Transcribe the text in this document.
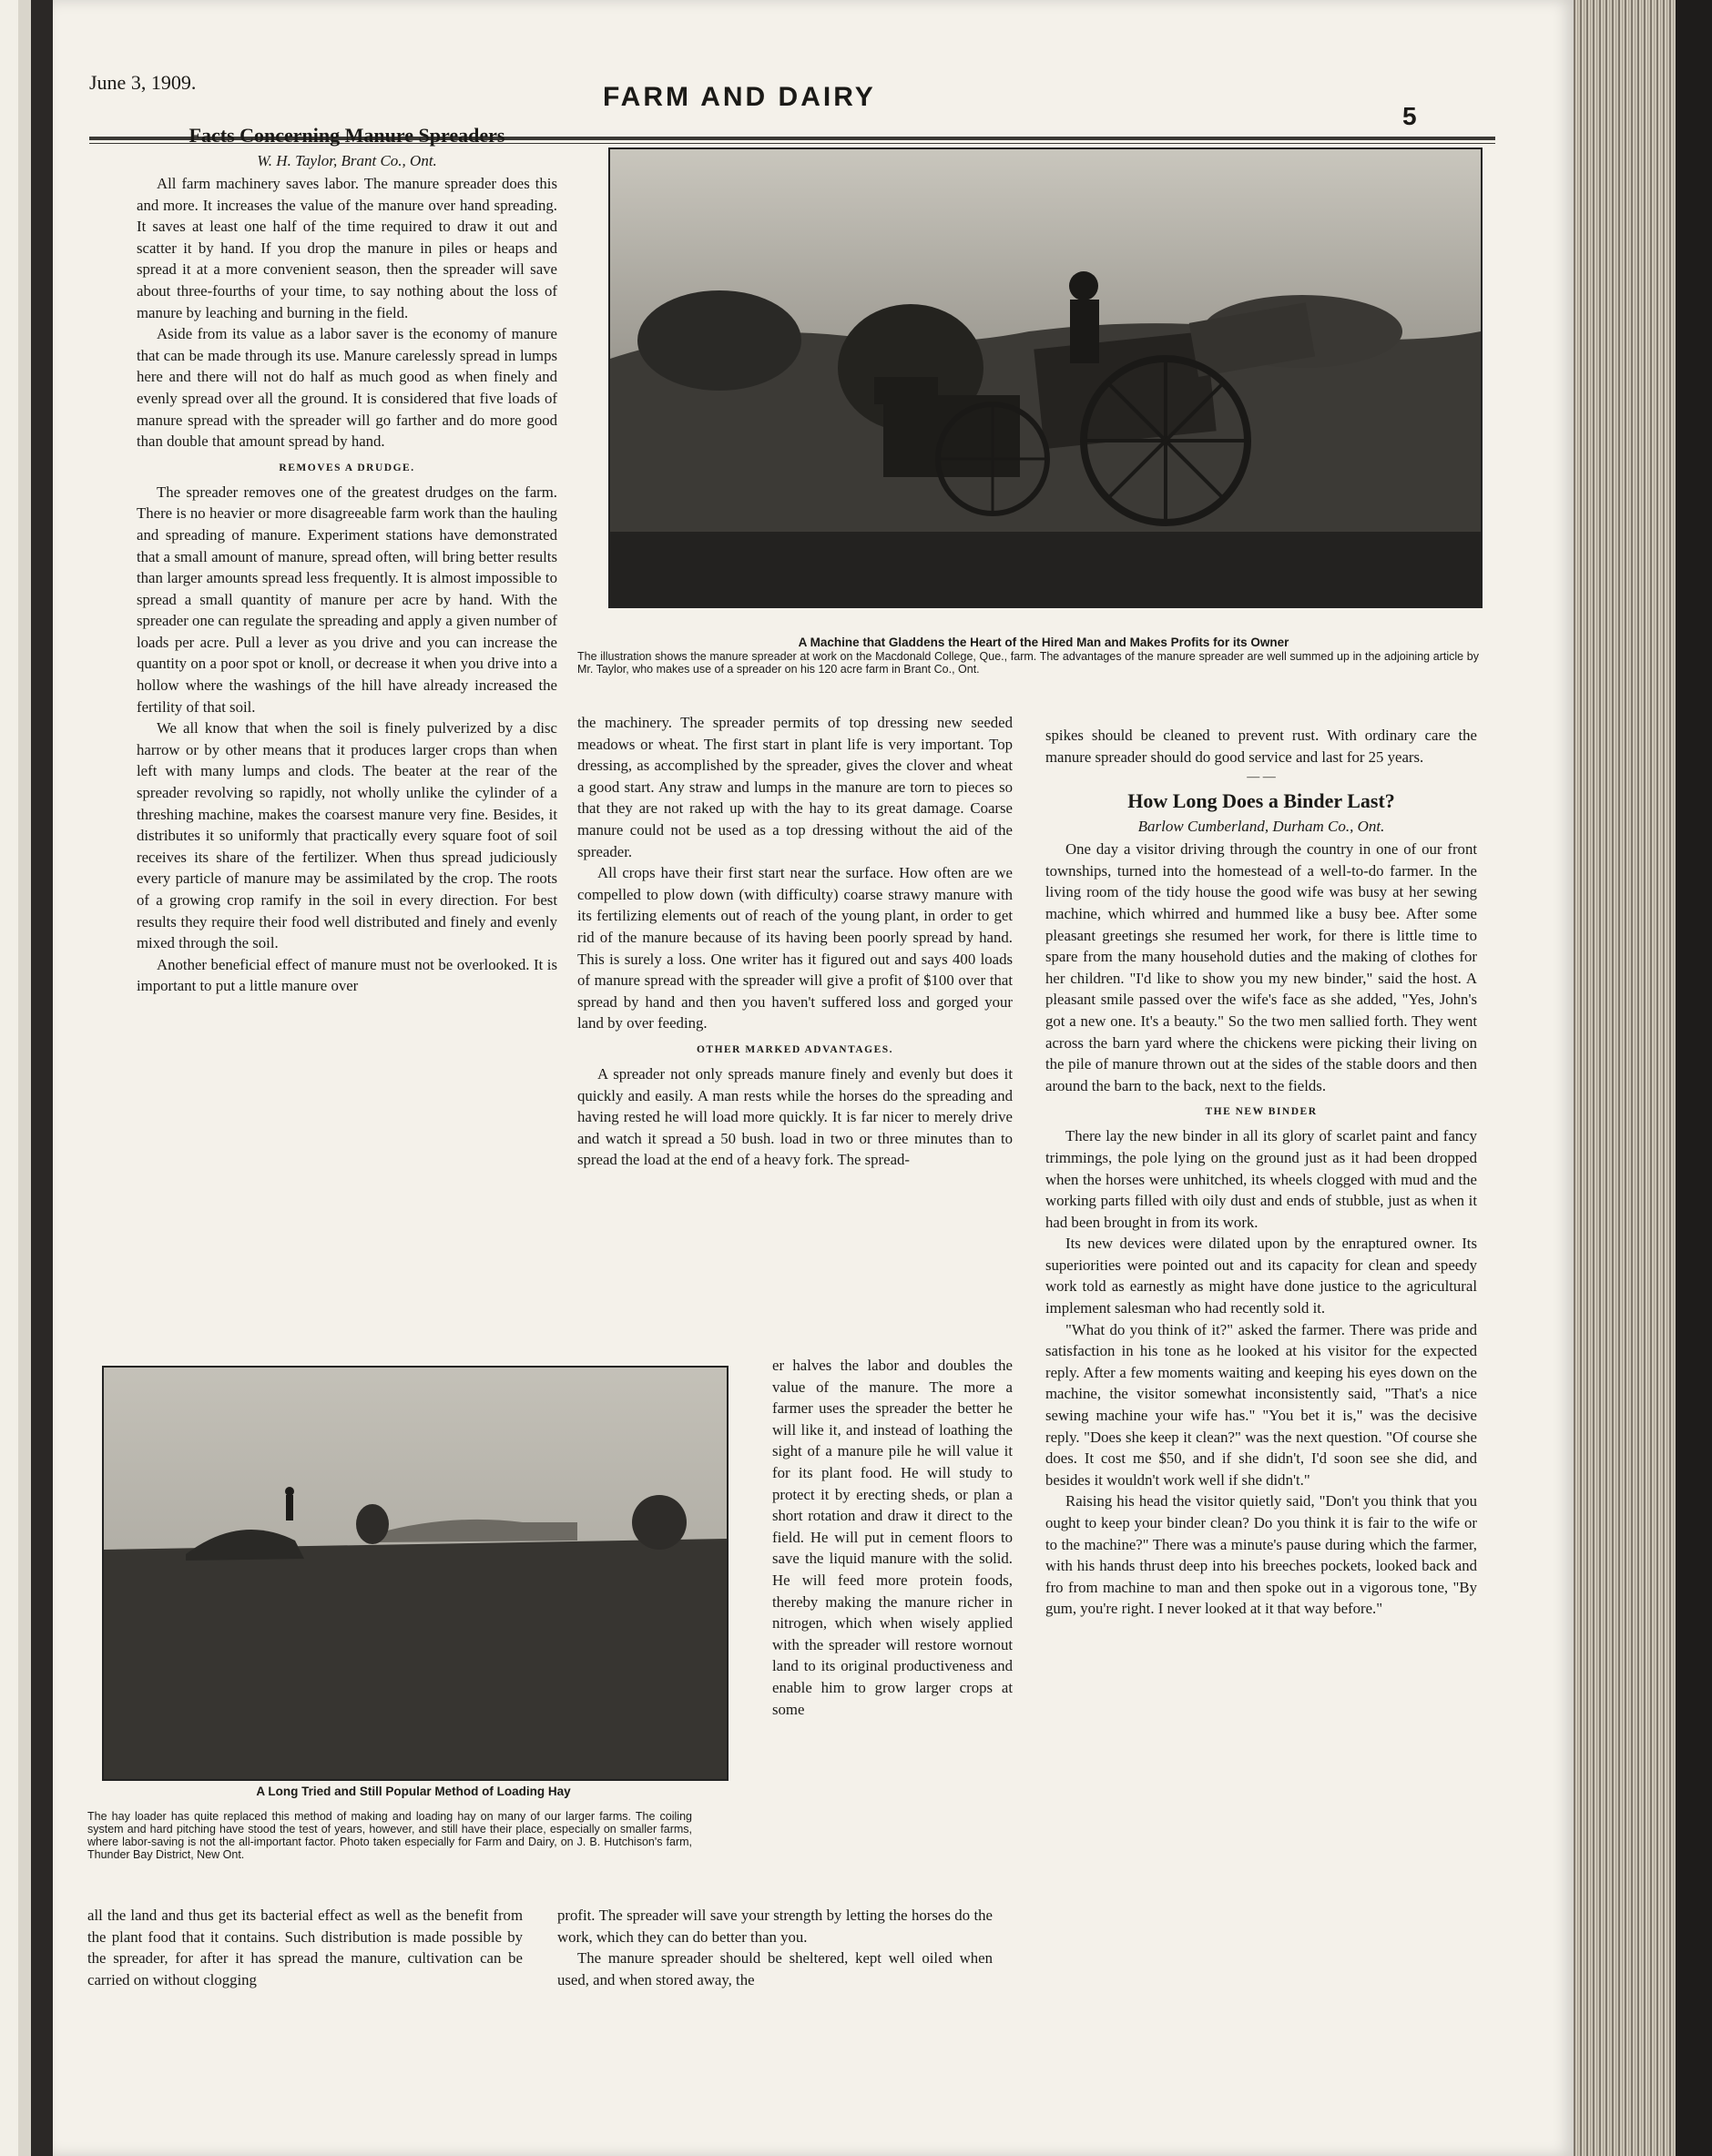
June 3, 1909.	FARM AND DAIRY
5
Facts Concerning Manure Spreaders
W. H. Taylor, Brant Co., Ont.

All farm machinery saves labor. The manure spreader does this and more. It increases the value of the manure over hand spreading. It saves at least one half of the time required to draw it out and scatter it by hand. If you drop the manure in piles or heaps and spread it at a more convenient season, then the spreader will save about three-fourths of your time, to say nothing about the loss of manure by leaching and burning in the field.

Aside from its value as a labor saver is the economy of manure that can be made through its use. Manure carelessly spread in lumps here and there will not do half as much good as when finely and evenly spread over all the ground. It is considered that five loads of manure spread with the spreader will go farther and do more good than double that amount spread by hand.

REMOVES A DRUDGE.

The spreader removes one of the greatest drudges on the farm. There is no heavier or more disagreeable farm work than the hauling and spreading of manure. Experiment stations have demonstrated that a small amount of manure, spread often, will bring better results than larger amounts spread less frequently. It is almost impossible to spread a small quantity of manure per acre by hand. With the spreader one can regulate the spreading and apply a given number of loads per acre. Pull a lever as you drive and you can increase the quantity on a poor spot or knoll, or decrease it when you drive into a hollow where the washings of the hill have already increased the fertility of that soil.

We all know that when the soil is finely pulverized by a disc harrow or by other means that it produces larger crops than when left with many lumps and clods. The beater at the rear of the spreader revolving so rapidly, not wholly unlike the cylinder of a threshing machine, makes the coarsest manure very fine. Besides, it distributes it so uniformly that practically every square foot of soil receives its share of the fertilizer. When thus spread judiciously every particle of manure may be assimilated by the crop. The roots of a growing crop ramify in the soil in every direction. For best results they require their food well distributed and finely and evenly mixed through the soil.

Another beneficial effect of manure must not be overlooked. It is important to put a little manure over

A Machine that Gladdens the Heart of the Hired Man and Makes Profits for its Owner
The illustration shows the manure spreader at work on the Macdonald College, Que., farm. The advantages of the manure spreader are well summed up in the adjoining article by Mr. Taylor, who makes use of a spreader on his 120 acre farm in Brant Co., Ont.

the machinery. The spreader permits of top dressing new seeded meadows or wheat. The first start in plant life is very important. Top dressing, as accomplished by the spreader, gives the clover and wheat a good start. Any straw and lumps in the manure are torn to pieces so that they are not raked up with the hay to its great damage. Coarse manure could not be used as a top dressing without the aid of the spreader.

All crops have their first start near the surface. How often are we compelled to plow down (with difficulty) coarse strawy manure with its fertilizing elements out of reach of the young plant, in order to get rid of the manure because of its having been poorly spread by hand. This is surely a loss. One writer has it figured out and says 400 loads of manure spread with the spreader will give a profit of $100 over that spread by hand and then you haven't suffered loss and gorged your land by over feeding.

OTHER MARKED ADVANTAGES.

A spreader not only spreads manure finely and evenly but does it quickly and easily. A man rests while the horses do the spreading and having rested he will load more quickly. It is far nicer to merely drive and watch it spread a 50 bush. load in two or three minutes than to spread the load at the end of a heavy fork. The spread-

er halves the labor and doubles the value of the manure. The more a farmer uses the spreader the better he will like it, and instead of loathing the sight of a manure pile he will value it for its plant food. He will study to protect it by erecting sheds, or plan a short rotation and draw it direct to the field. He will put in cement floors to save the liquid manure with the solid. He will feed more protein foods, thereby making the manure richer in nitrogen, which when wisely applied with the spreader will restore wornout land to its original productiveness and enable him to grow larger crops at some

A Long Tried and Still Popular Method of Loading Hay
The hay loader has quite replaced this method of making and loading hay on many of our larger farms. The coiling system and hard pitching have stood the test of years, however, and still have their place, especially on smaller farms, where labor-saving is not the all-important factor. Photo taken especially for Farm and Dairy, on J. B. Hutchison's farm, Thunder Bay District, New Ont.

all the land and thus get its bacterial effect as well as the benefit from the plant food that it contains. Such distribution is made possible by the spreader, for after it has spread the manure, cultivation can be carried on without clogging

profit. The spreader will save your strength by letting the horses do the work, which they can do better than you.

The manure spreader should be sheltered, kept well oiled when used, and when stored away, the

spikes should be cleaned to prevent rust. With ordinary care the manure spreader should do good service and last for 25 years.

— —
How Long Does a Binder Last?
Barlow Cumberland, Durham Co., Ont.

One day a visitor driving through the country in one of our front townships, turned into the homestead of a well-to-do farmer. In the living room of the tidy house the good wife was busy at her sewing machine, which whirred and hummed like a busy bee. After some pleasant greetings she resumed her work, for there is little time to spare from the many household duties and the making of clothes for her children. "I'd like to show you my new binder," said the host. A pleasant smile passed over the wife's face as she added, "Yes, John's got a new one. It's a beauty." So the two men sallied forth. They went across the barn yard where the chickens were picking their living on the pile of manure thrown out at the sides of the stable doors and then around the barn to the back, next to the fields.

THE NEW BINDER

There lay the new binder in all its glory of scarlet paint and fancy trimmings, the pole lying on the ground just as it had been dropped when the horses were unhitched, its wheels clogged with mud and the working parts filled with oily dust and ends of stubble, just as when it had been brought in from its work.

Its new devices were dilated upon by the enraptured owner. Its superiorities were pointed out and its capacity for clean and speedy work told as earnestly as might have done justice to the agricultural implement salesman who had recently sold it.

"What do you think of it?" asked the farmer. There was pride and satisfaction in his tone as he looked at his visitor for the expected reply. After a few moments waiting and keeping his eyes down on the machine, the visitor somewhat inconsistently said, "That's a nice sewing machine your wife has." "You bet it is," was the decisive reply. "Does she keep it clean?" was the next question. "Of course she does. It cost me $50, and if she didn't, I'd soon see she did, and besides it wouldn't work well if she didn't."

Raising his head the visitor quietly said, "Don't you think that you ought to keep your binder clean? Do you think it is fair to the wife or to the machine?" There was a minute's pause during which the farmer, with his hands thrust deep into his breeches pockets, looked back and fro from machine to man and then spoke out in a vigorous tone, "By gum, you're right. I never looked at it that way before."
